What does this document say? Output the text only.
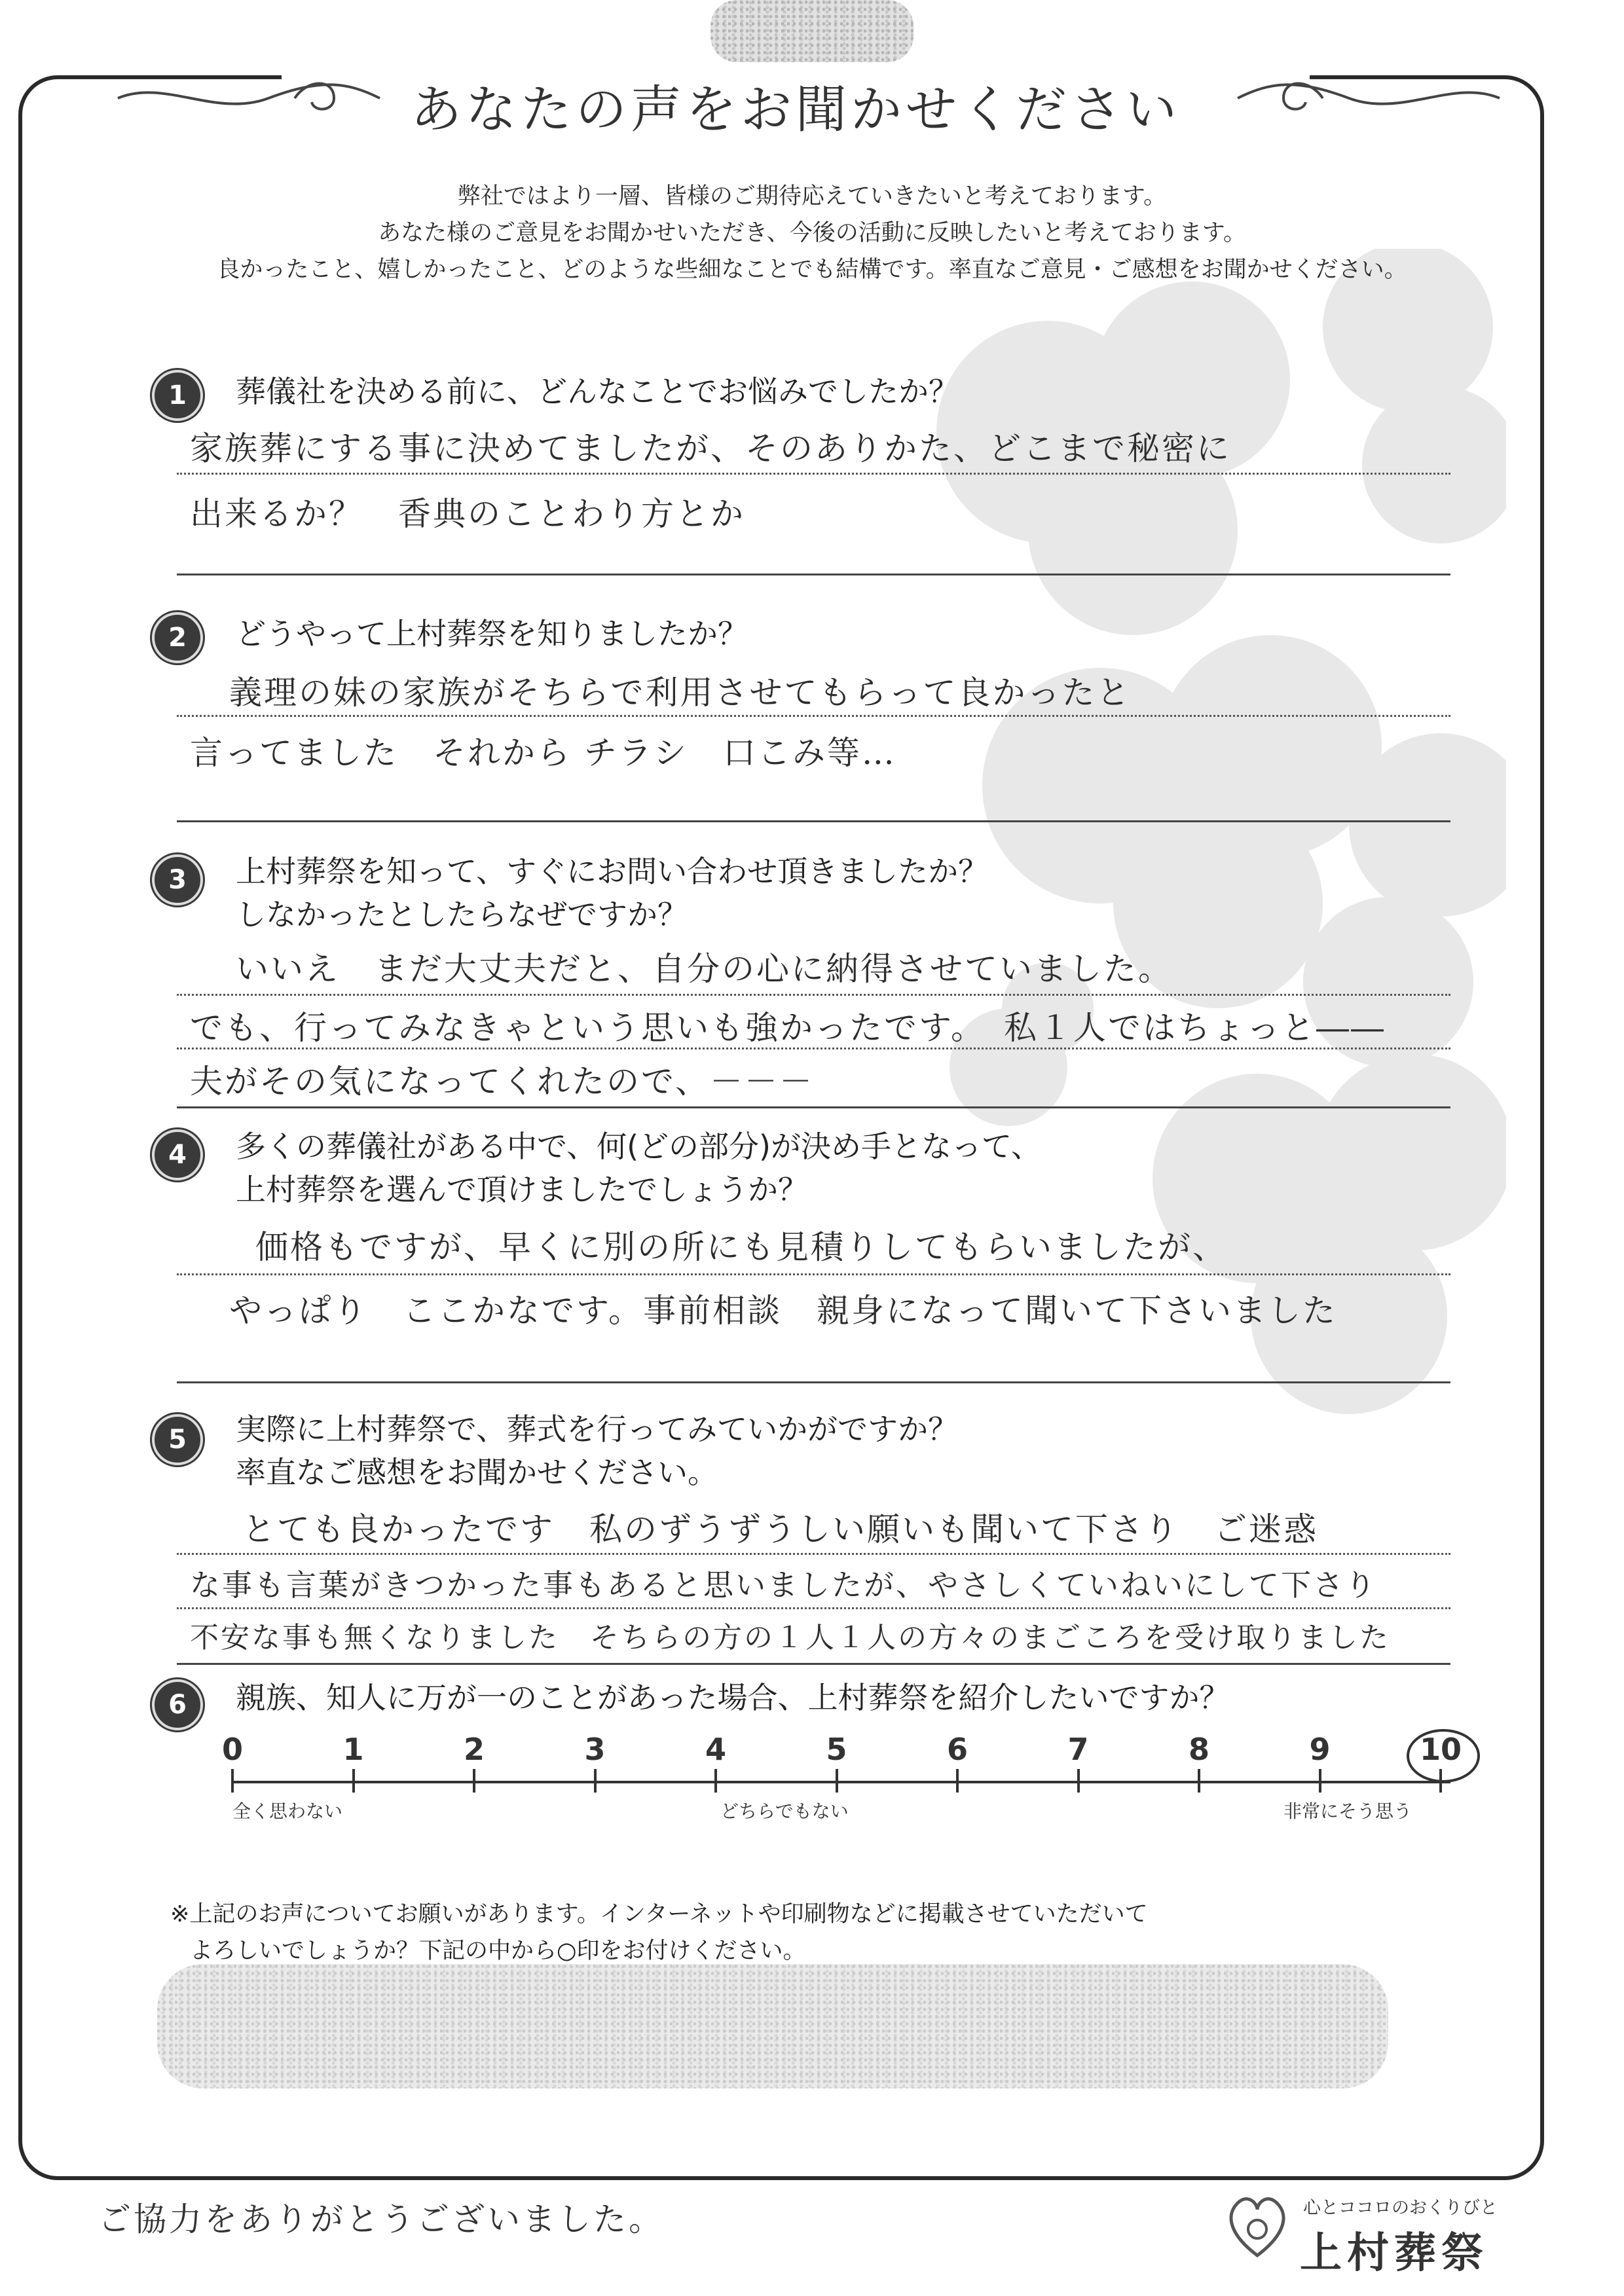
あなたの声をお聞かせください
弊社ではより一層、皆様のご期待応えていきたいと考えております。
あなた様のご意見をお聞かせいただき、今後の活動に反映したいと考えております。
良かったこと、嬉しかったこと、どのような些細なことでも結構です。率直なご意見・ご感想をお聞かせください。
1	葬儀社を決める前に、どんなことでお悩みでしたか？
家族葬にする事に決めてましたが、そのありかた、どこまで秘密に
出来るか？　香典のことわり方とか
2	どうやって上村葬祭を知りましたか？
義理の妹の家族がそちらで利用させてもらって良かったと
言ってました　それから チラシ　口こみ等…
3	上村葬祭を知って、すぐにお問い合わせ頂きましたか？
しなかったとしたらなぜですか？
いいえ　まだ大丈夫だと、自分の心に納得させていました。
でも、行ってみなきゃという思いも強かったです。　私１人ではちょっと――
夫がその気になってくれたので、－－－
4	多くの葬儀社がある中で、何(どの部分)が決め手となって、
上村葬祭を選んで頂けましたでしょうか？
価格もですが、早くに別の所にも見積りしてもらいましたが、
やっぱり　ここかなです。事前相談　親身になって聞いて下さいました
5	実際に上村葬祭で、葬式を行ってみていかがですか？
率直なご感想をお聞かせください。
とても良かったです　私のずうずうしい願いも聞いて下さり　ご迷惑
な事も言葉がきつかった事もあると思いましたが、やさしくていねいにして下さり
不安な事も無くなりました　そちらの方の１人１人の方々のまごころを受け取りました
6	親族、知人に万が一のことがあった場合、上村葬祭を紹介したいですか？
0	1	2	3	4	5	6	7	8	9	10
全く思わない	どちらでもない	非常にそう思う
※上記のお声についてお願いがあります。インターネットや印刷物などに掲載させていただいて
よろしいでしょうか？下記の中から○印をお付けください。
ご協力をありがとうございました。	心とココロのおくりびと
上村葬祭
